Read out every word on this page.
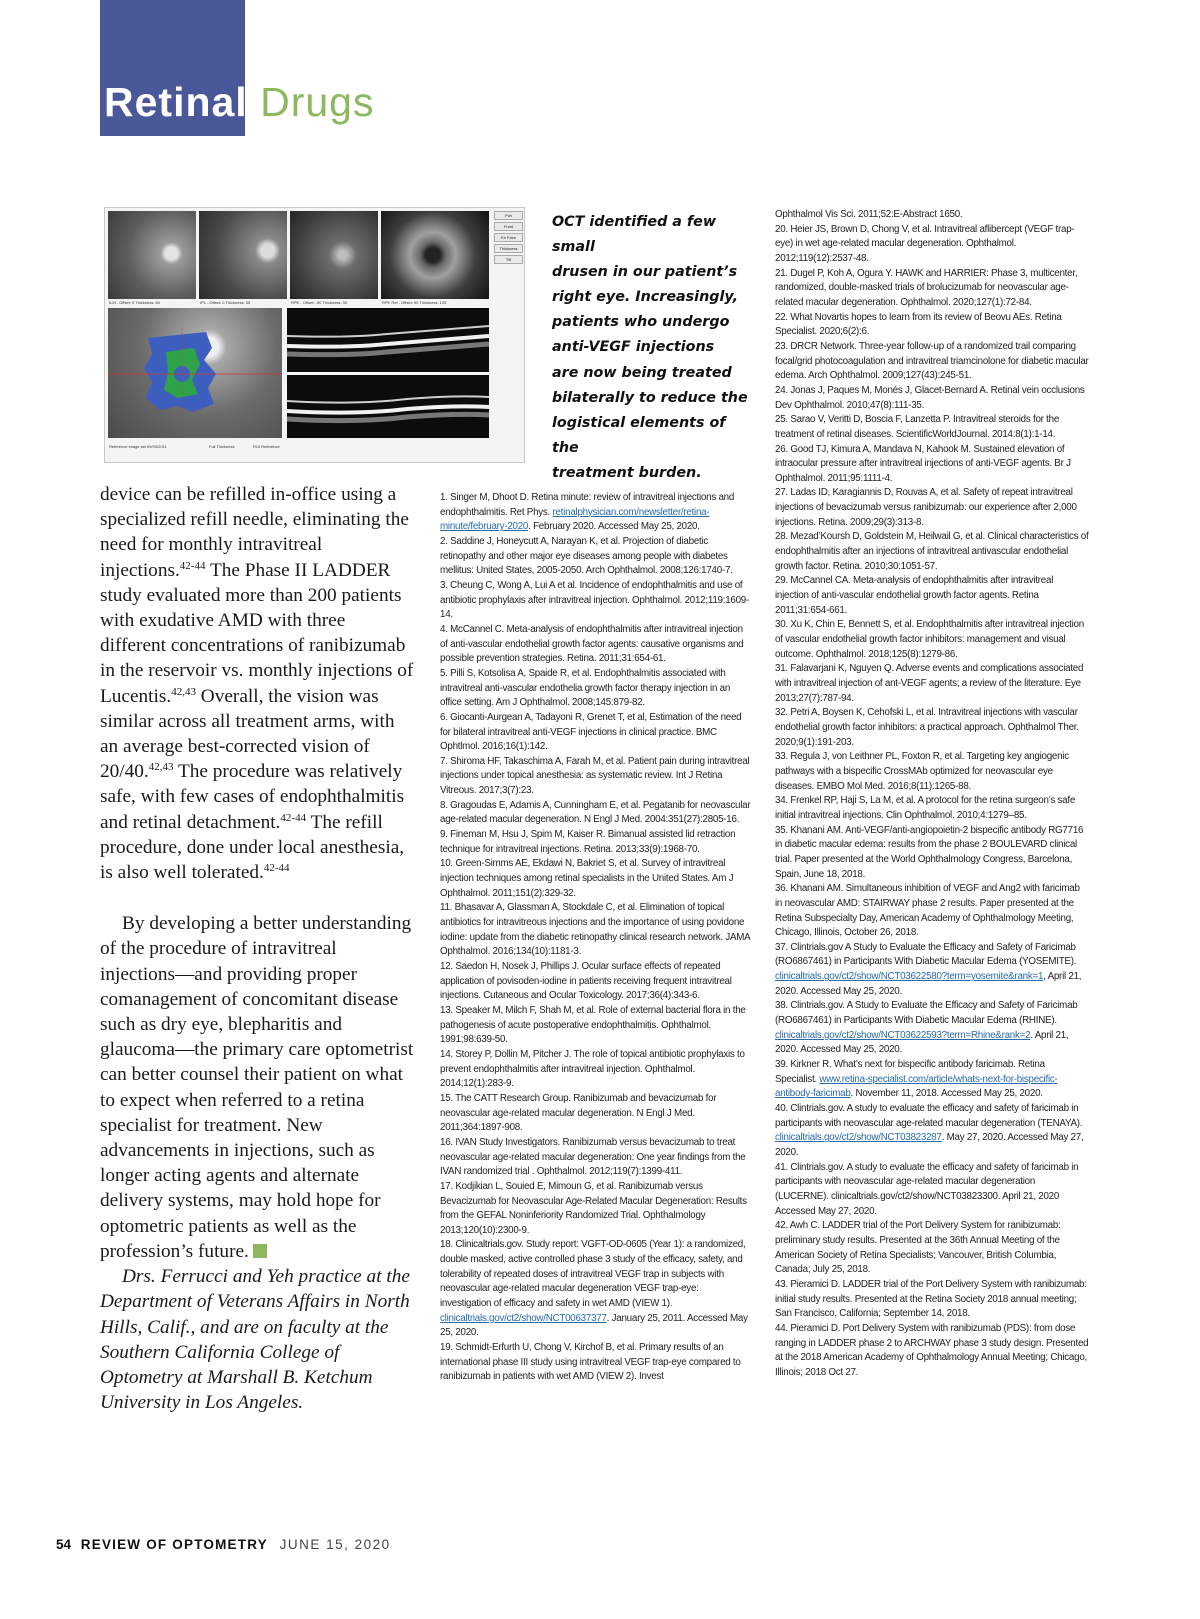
Retinal Drugs
ILM - Offset: 0 Thickness: 60	IPL - Offset: 0 Thickness: 35	RPE - Offset: -90 Thickness: 30	RPE Ref - Offset: 90 Thickness: 125
Fwt
Fund
En Face
Thickness
Tilt
Reference image set 09/03/2011	Full Thickness	ROI Reference
OCT identified a few small
drusen in our patient’s
right eye. Increasingly,
patients who undergo
anti-VEGF injections
are now being treated
bilaterally to reduce the
logistical elements of the
treatment burden.

device can be refilled in-office using a specialized refill needle, eliminating the need for monthly intravitreal injections.$^{42-44}$ The Phase II LADDER study evaluated more than 200 patients with exudative AMD with three different concentrations of ranibizumab in the reservoir vs. monthly injections of Lucentis.$^{42,43}$ Overall, the vision was similar across all treatment arms, with an average best-corrected vision of 20/40.$^{42,43}$ The procedure was relatively safe, with few cases of endophthalmitis and retinal detachment.$^{42-44}$ The refill procedure, done under local anesthesia, is also well tolerated.$^{42-44}$

By developing a better understanding of the procedure of intravitreal injections—and providing proper comanagement of concomitant disease such as dry eye, blepharitis and glaucoma—the primary care optometrist can better counsel their patient on what to expect when referred to a retina specialist for treatment. New advancements in injections, such as longer acting agents and alternate delivery systems, may hold hope for optometric patients as well as the profession’s future.

Drs. Ferrucci and Yeh practice at the Department of Veterans Affairs in North Hills, Calif., and are on faculty at the Southern California College of Optometry at Marshall B. Ketchum University in Los Angeles.

1. Singer M, Dhoot D. Retina minute: review of intravitreal injections and endophthalmitis. Ret Phys. retinalphysician.com/newsletter/retina-minute/february-2020. February 2020. Accessed May 25, 2020.

2. Saddine J, Honeycutt A, Narayan K, et al. Projection of diabetic retinopathy and other major eye diseases among people with diabetes mellitus: United States, 2005-2050. Arch Ophthalmol. 2008;126:1740-7.

3. Cheung C, Wong A, Lui A et al. Incidence of endophthalmitis and use of antibiotic prophylaxis after intravitreal injection. Ophthalmol. 2012;119:1609-14.

4. McCannel C. Meta-analysis of endophthalmitis after intravitreal injection of anti-vascular endothelial growth factor agents: causative organisms and possible prevention strategies. Retina. 2011;31:654-61.

5. Pilli S, Kotsolisa A, Spaide R, et al. Endophthalmitis associated with intravitreal anti-vascular endothelia growth factor therapy injection in an office setting. Am J Ophthalmol. 2008;145:879-82.

6. Giocanti-Aurgean A, Tadayoni R, Grenet T, et al, Estimation of the need for bilateral intravitreal anti-VEGF injections in clinical practice. BMC Ophtlmol. 2016;16(1):142.

7. Shiroma HF, Takaschima A, Farah M, et al. Patient pain during intravitreal injections under topical anesthesia: as systematic review. Int J Retina Vitreous. 2017;3(7):23.

8. Gragoudas E, Adamis A, Cunningham E, et al. Pegatanib for neovascular age-related macular degeneration. N Engl J Med. 2004:351(27):2805-16.

9. Fineman M, Hsu J, Spim M, Kaiser R. Bimanual assisted lid retraction technique for intravitreal injections. Retina. 2013;33(9):1968-70.

10. Green-Simms AE, Ekdawi N, Bakriet S, et al. Survey of intravitreal injection techniques among retinal specialists in the United States. Am J Ophthalmol. 2011;151(2):329-32.

11. Bhasavar A, Glassman A, Stockdale C, et al. Elimination of topical antibiotics for intravitreous injections and the importance of using povidone iodine: update from the diabetic retinopathy clinical research network. JAMA Ophthalmol. 2016;134(10):1181-3.

12. Saedon H, Nosek J, Phillips J. Ocular surface effects of repeated application of povisoden-iodine in patients receiving frequent intravitreal injections. Cutaneous and Ocular Toxicology. 2017;36(4):343-6.

13. Speaker M, Milch F, Shah M, et al. Role of external bacterial flora in the pathogenesis of acute postoperative endophthalmitis. Ophthalmol. 1991;98:639-50.

14. Storey P, Dollin M, Pitcher J. The role of topical antibiotic prophylaxis to prevent endophthalmitis after intravitreal injection. Ophthalmol. 2014;12(1):283-9.

15. The CATT Research Group. Ranibizumab and bevacizumab for neovascular age-related macular degeneration. N Engl J Med. 2011;364:1897-908.

16. IVAN Study Investigators. Ranibizumab versus bevacizumab to treat neovascular age-related macular degeneration: One year findings from the IVAN randomized trial . Ophthalmol. 2012;119(7):1399-411.

17. Kodjikian L, Souied E, Mimoun G, et al. Ranibizumab versus Bevacizumab for Neovascular Age-Related Macular Degeneration: Results from the GEFAL Noninferiority Randomized Trial. Ophthalmology 2013;120(10):2300-9.

18. Clinicaltrials.gov. Study report: VGFT-OD-0605 (Year 1): a randomized, double masked, active controlled phase 3 study of the efficacy, safety, and tolerability of repeated doses of intravitreal VEGF trap in subjects with neovascular age-related macular degeneration VEGF trap-eye: investigation of efficacy and safety in wet AMD (VIEW 1). clinicaltrials.gov/ct2/show/NCT00637377. January 25, 2011. Accessed May 25, 2020.

19. Schmidt-Erfurth U, Chong V, Kirchof B, et al. Primary results of an international phase III study using intravitreal VEGF trap-eye compared to ranibizumab in patients with wet AMD (VIEW 2). Invest

Ophthalmol Vis Sci. 2011;52:E-Abstract 1650.

20. Heier JS, Brown D, Chong V, et al. Intravitreal aflibercept (VEGF trap-eye) in wet age-related macular degeneration. Ophthalmol. 2012;119(12):2537-48.

21. Dugel P, Koh A, Ogura Y. HAWK and HARRIER: Phase 3, multicenter, randomized, double-masked trials of brolucizumab for neovascular age-related macular degeneration. Ophthalmol. 2020;127(1):72-84.

22. What Novartis hopes to learn from its review of Beovu AEs. Retina Specialist. 2020;6(2):6.

23. DRCR Network. Three-year follow-up of a randomized trail comparing focal/grid photocoagulation and intravitreal triamcinolone for diabetic macular edema. Arch Ophthalmol. 2009;127(43):245-51.

24. Jonas J, Paques M, Monés J, Glacet-Bernard A. Retinal vein occlusions Dev Ophthalmol. 2010;47(8):111-35.

25. Sarao V, Veritti D, Boscia F, Lanzetta P. Intravitreal steroids for the treatment of retinal diseases. ScientificWorldJournal. 2014:8(1):1-14.

26. Good TJ, Kimura A, Mandava N, Kahook M. Sustained elevation of intraocular pressure after intravitreal injections of anti-VEGF agents. Br J Ophthalmol. 2011;95:1111-4.

27. Ladas ID, Karagiannis D, Rouvas A, et al. Safety of repeat intravitreal injections of bevacizumab versus ranibizumab: our experience after 2,000 injections. Retina. 2009;29(3):313-8.

28. Mezad’Koursh D, Goldstein M, Heilwail G, et al. Clinical characteristics of endophthalmitis after an injections of intravitreal antivascular endothelial growth factor. Retina. 2010;30:1051-57.

29. McCannel CA. Meta-analysis of endophthalmitis after intravitreal injection of anti-vascular endothelial growth factor agents. Retina 2011;31:654-661.

30. Xu K, Chin E, Bennett S, et al. Endophthalmitis after intravitreal injection of vascular endothelial growth factor inhibitors: management and visual outcome. Ophthalmol. 2018;125(8):1279-86.

31. Falavarjani K, Nguyen Q. Adverse events and complications associated with intravitreal injection of ant-VEGF agents; a review of the literature. Eye 2013;27(7):787-94.

32. Petri A, Boysen K, Cehofski L, et al. Intravitreal injections with vascular endothelial growth factor inhibitors: a practical approach. Ophthalmol Ther. 2020;9(1):191-203.

33. Regula J, von Leithner PL, Foxton R, et al. Targeting key angiogenic pathways with a bispecific CrossMAb optimized for neovascular eye diseases. EMBO Mol Med. 2016;8(11):1265-88.

34. Frenkel RP, Haji S, La M, et al. A protocol for the retina surgeon’s safe initial intravitreal injections. Clin Ophthalmol. 2010;4:1279–85.

35. Khanani AM. Anti-VEGF/anti-angiopoietin-2 bispecific antibody RG7716 in diabetic macular edema: results from the phase 2 BOULEVARD clinical trial. Paper presented at the World Ophthalmology Congress, Barcelona, Spain, June 18, 2018.

36. Khanani AM. Simultaneous inhibition of VEGF and Ang2 with faricimab in neovascular AMD: STAIRWAY phase 2 results. Paper presented at the Retina Subspecialty Day, American Academy of Ophthalmology Meeting, Chicago, Illinois, October 26, 2018.

37. Clintrials.gov A Study to Evaluate the Efficacy and Safety of Faricimab (RO6867461) in Participants With Diabetic Macular Edema (YOSEMITE). clinicaltrials.gov/ct2/show/NCT03622580?term=yosemite&rank=1, April 21, 2020. Accessed May 25, 2020.

38. Clintrials.gov. A Study to Evaluate the Efficacy and Safety of Faricimab (RO6867461) in Participants With Diabetic Macular Edema (RHINE). clinicaltrials.gov/ct2/show/NCT03622593?term=Rhine&rank=2. April 21, 2020. Accessed May 25, 2020.

39. Kirkner R. What’s next for bispecific antibody faricimab. Retina Specialist. www.retina-specialist.com/article/whats-next-for-bispecific-antibody-faricimab. November 11, 2018. Accessed May 25, 2020.

40. Clintrials.gov. A study to evaluate the efficacy and safety of faricimab in participants with neovascular age-related macular degeneration (TENAYA). clinicaltrials.gov/ct2/show/NCT03823287. May 27, 2020. Accessed May 27, 2020.

41. Clintrials.gov. A study to evaluate the efficacy and safety of faricimab in participants with neovascular age-related macular degeneration (LUCERNE). clinicaltrials.gov/ct2/show/NCT03823300. April 21, 2020 Accessed May 27, 2020.

42. Awh C. LADDER trial of the Port Delivery System for ranibizumab: preliminary study results. Presented at the 36th Annual Meeting of the American Society of Retina Specialists; Vancouver, British Columbia, Canada; July 25, 2018.

43. Pieramici D. LADDER trial of the Port Delivery System with ranibizumab: initial study results. Presented at the Retina Society 2018 annual meeting; San Francisco, California; September 14, 2018.

44. Pieramici D. Port Delivery System with ranibizumab (PDS): from dose ranging in LADDER phase 2 to ARCHWAY phase 3 study design. Presented at the 2018 American Academy of Ophthalmology Annual Meeting; Chicago, Illinois; 2018 Oct 27.

54 REVIEW OF OPTOMETRY JUNE 15, 2020
